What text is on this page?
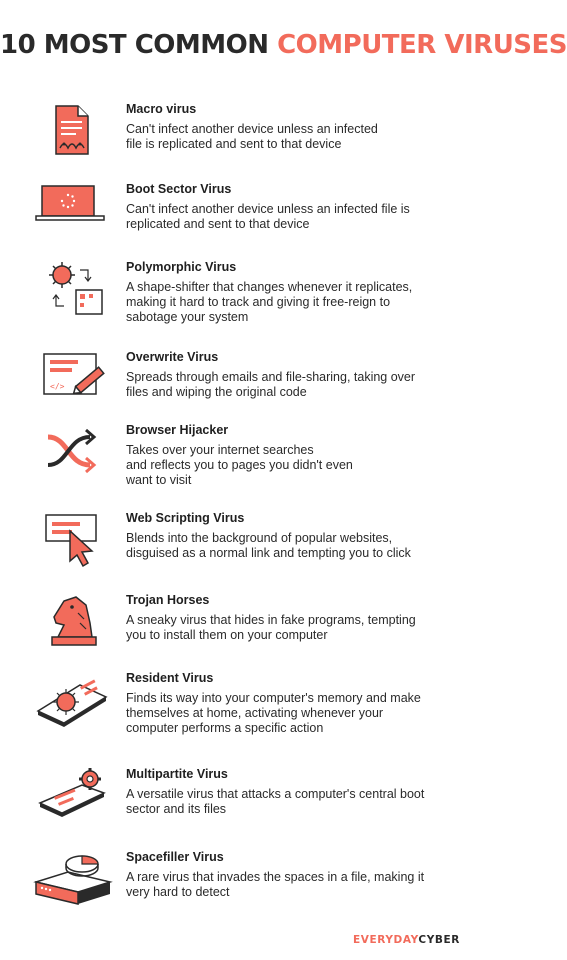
10 MOST COMMON COMPUTER VIRUSES
Macro virus
Can't infect another device unless an infected
file is replicated and sent to that device
Boot Sector Virus
Can't infect another device unless an infected file is
replicated and sent to that device
Polymorphic Virus
A shape-shifter that changes whenever it replicates,
making it hard to track and giving it free-reign to
sabotage your system
</>
Overwrite Virus
Spreads through emails and file-sharing, taking over
files and wiping the original code
Browser Hijacker
Takes over your internet searches
and reflects you to pages you didn't even
want to visit
Web Scripting Virus
Blends into the background of popular websites,
disguised as a normal link and tempting you to click
Trojan Horses
A sneaky virus that hides in fake programs, tempting
you to install them on your computer
Resident Virus
Finds its way into your computer's memory and make
themselves at home, activating whenever your
computer performs a specific action
Multipartite Virus
A versatile virus that attacks a computer's central boot
sector and its files
Spacefiller Virus
A rare virus that invades the spaces in a file, making it
very hard to detect
EVERYDAYCYBER
